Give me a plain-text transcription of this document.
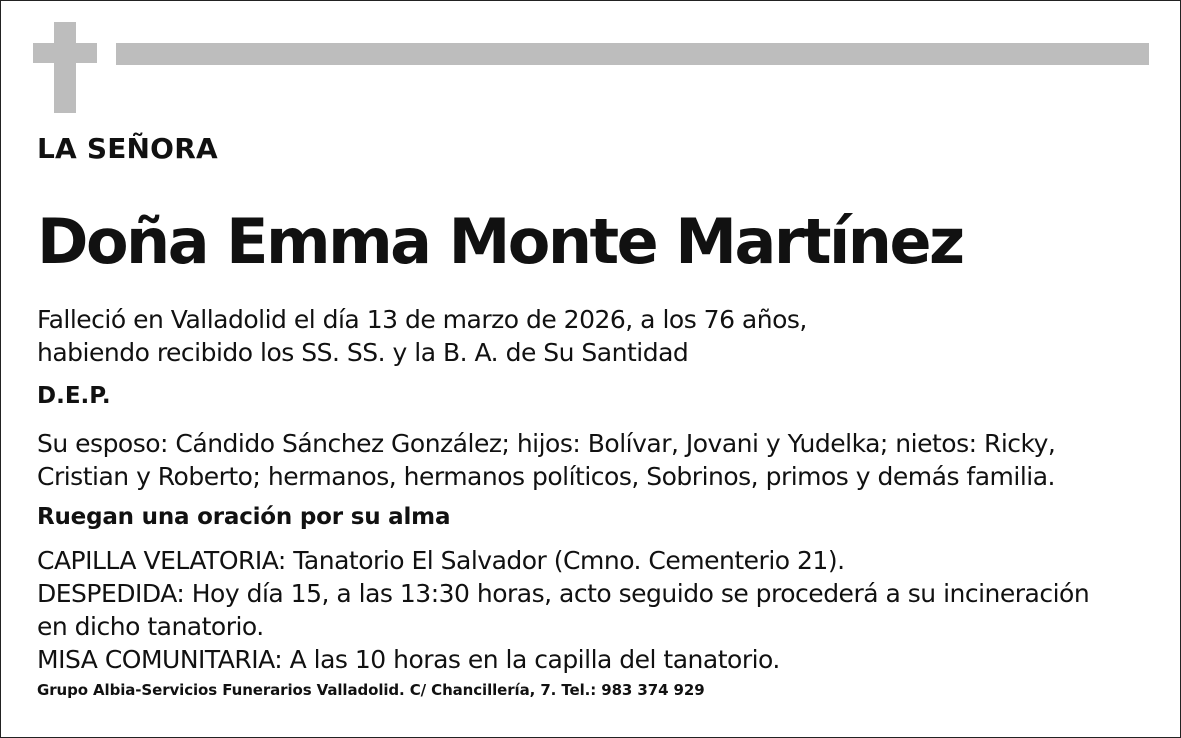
LA SEÑORA
Doña Emma Monte Martínez
Falleció en Valladolid el día 13 de marzo de 2026, a los 76 años,
habiendo recibido los SS. SS. y la B. A. de Su Santidad
D.E.P.
Su esposo: Cándido Sánchez González; hijos: Bolívar, Jovani y Yudelka; nietos: Ricky,
Cristian y Roberto; hermanos, hermanos políticos, Sobrinos, primos y demás familia.
Ruegan una oración por su alma
CAPILLA VELATORIA: Tanatorio El Salvador (Cmno. Cementerio 21).
DESPEDIDA: Hoy día 15, a las 13:30 horas, acto seguido se procederá a su incineración
en dicho tanatorio.
MISA COMUNITARIA: A las 10 horas en la capilla del tanatorio.
Grupo Albia-Servicios Funerarios Valladolid. C/ Chancillería, 7. Tel.: 983 374 929
